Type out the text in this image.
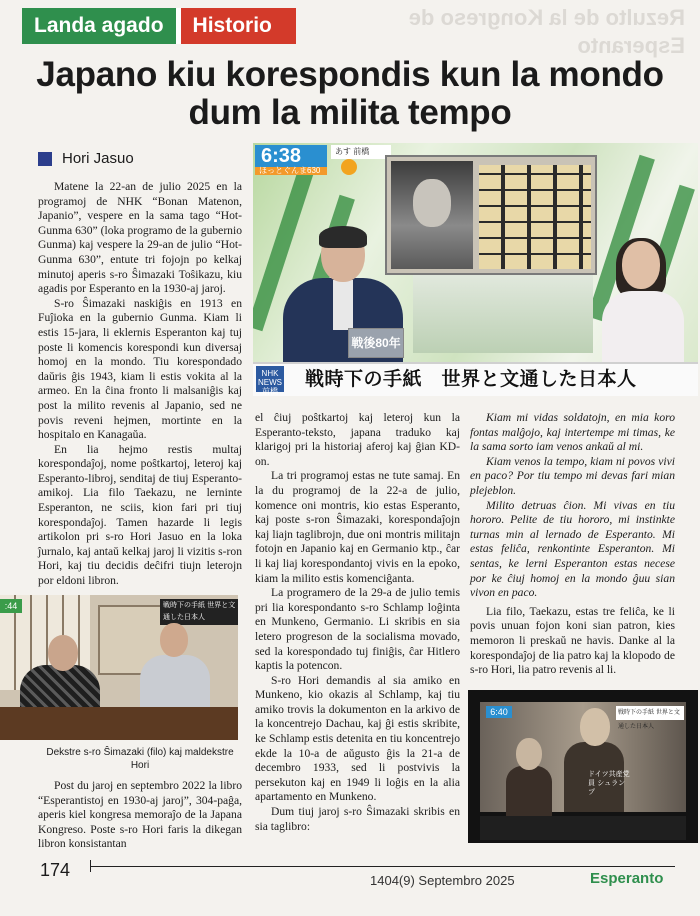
Landa agado	Historio	Rezulto de la Kongreso de Esperanto
Japano kiu korespondis kun la mondo dum la milita tempo
Hori Jasuo

Matene la 22-an de julio 2025 en la programoj de NHK “Bonan Matenon, Japanio”, vespere en la sama tago “Hot-Gunma 630” (loka programo de la gubernio Gunma) kaj vespere la 29-an de julio “Hot-Gunma 630”, entute tri fojojn po kelkaj minutoj aperis s-ro Ŝimazaki Toŝikazu, kiu agadis por Esperanto en la 1930-aj jaroj.

S-ro Ŝimazaki naskiĝis en 1913 en Fuĵioka en la gubernio Gunma. Kiam li estis 15-jara, li eklernis Esperanton kaj tuj poste li komencis korespondi kun diversaj homoj en la mondo. Tiu korespondado daŭris ĝis 1943, kiam li estis vokita al la armeo. En la ĉina fronto li malsaniĝis kaj post la milito revenis al Japanio, sed ne povis reveni hejmen, mortinte en la hospitalo en Kanagaŭa.

En lia hejmo restis multaj korespondaĵoj, nome poŝtkartoj, leteroj kaj Esperanto-libroj, senditaj de tiuj Esperanto-amikoj. Lia filo Taekazu, ne lerninte Esperanton, ne sciis, kion fari pri tiuj korespondaĵoj. Tamen hazarde li legis artikolon pri s-ro Hori Jasuo en la loka ĵurnalo, kaj antaŭ kelkaj jaroj li vizitis s-ron Hori, kaj tiu decidis deĉifri tiujn leterojn por eldoni libron.

:44	戦時下の手紙 世界と文通した日本人
Dekstre s-ro Ŝimazaki (filo) kaj maldekstre Hori

Post du jaroj en septembro 2022 la libro “Esperantistoj en 1930-aj jaroj”, 304-paĝa, aperis kiel kongresa memoraĵo de la Japana Kongreso. Poste s-ro Hori faris la dikegan libron konsistantan

6:38
ほっとぐんま630
あす 前橋
戦後80年
NHK NEWS 前橋
戦時下の手紙　世界と文通した日本人

el ĉiuj poŝtkartoj kaj leteroj kun la Esperanto-teksto, japana traduko kaj klarigoj pri la historiaj aferoj kaj ĝian KD-on.

La tri programoj estas ne tute samaj. En la du programoj de la 22-a de julio, komence oni montris, kio estas Esperanto, kaj poste s-ron Ŝimazaki, korespondaĵojn kaj liajn taglibrojn, due oni montris militajn fotojn en Japanio kaj en Germanio ktp., ĉar li kaj liaj korespondantoj vivis en la epoko, kiam la milito estis komenciĝanta.

La programero de la 29-a de julio temis pri lia korespondanto s-ro Schlamp loĝinta en Munkeno, Germanio. Li skribis en sia letero progreson de la socialisma movado, sed la korespondado tuj finiĝis, ĉar Hitlero kaptis la potencon.

S-ro Hori demandis al sia amiko en Munkeno, kio okazis al Schlamp, kaj tiu amiko trovis la dokumenton en la arkivo de la koncentrejo Dachau, kaj ĝi estis skribite, ke Schlamp estis detenita en tiu koncentrejo ekde la 10-a de aŭgusto ĝis la 21-a de decembro 1933, sed li postvivis la persekuton kaj en 1949 li loĝis en la alia apartamento en Munkeno.

Dum tiuj jaroj s-ro Ŝimazaki skribis en sia taglibro:

Kiam mi vidas soldatojn, en mia koro fontas malĝojo, kaj intertempe mi timas, ke la sama sorto iam venos ankaŭ al mi.

Kiam venos la tempo, kiam ni povos vivi en paco? Por tiu tempo mi devas fari mian plejeblon.

Milito detruas ĉion. Mi vivas en tiu hororo. Pelite de tiu hororo, mi instinkte turnas min al lernado de Esperanto. Mi estas feliĉa, renkontinte Esperanton. Mi sentas, ke lerni Esperanton estas necese por ke ĉiuj homoj en la mondo ĝuu sian vivon en paco.

Lia filo, Taekazu, estas tre feliĉa, ke li povis unuan fojon koni sian patron, kies memoron li preskaŭ ne havis. Danke al la korespondaĵoj de lia patro kaj la klopodo de s-ro Hori, lia patro revenis al li.

6:40	戦時下の手紙 世界と文通した日本人
ドイツ共産党員 シュランプ
174
1404(9) Septembro 2025	Esperanto
